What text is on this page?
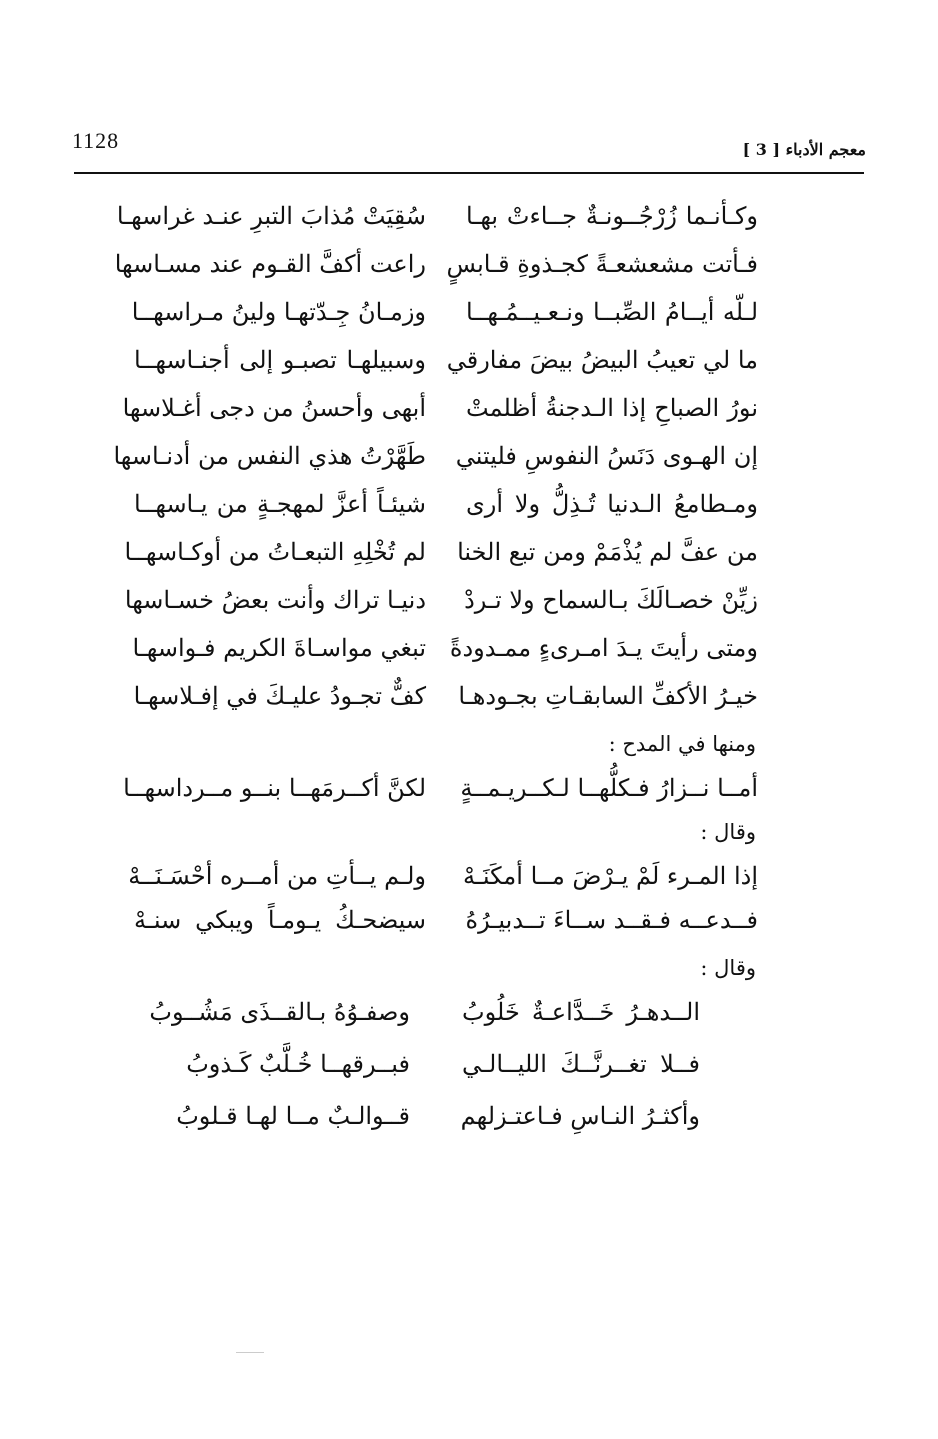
1128	معجم الأدباء [ 3 ]
وكـأنـما زُرْجُــونـةٌ جــاءتْ بهـا
سُقِيَتْ مُذابَ التبرِ عنـد غراسهـا
فـأتت مشعشعـةً كجـذوةِ قـابسٍ
راعت أكفَّ القـوم عند مسـاسها
لـلّه أيــامُ الصِّبــا ونـعـيــمُـهــا
وزمـانُ جِـدّتهـا ولينُ مـراسهــا
ما لي تعيبُ البيضُ بيضَ مفارقي
وسبيلهـا تصبـو إلى أجنـاسهــا
نورُ الصباحِ إذا الـدجنةُ أظلمتْ
أبهى وأحسنُ من دجى أغـلاسها
إن الهـوى دَنَسُ النفوسِ فليتني
طَهَّرْتُ هذي النفس من أدنـاسها
ومـطامعُ الـدنيا تُـذِلُّ ولا أرى
شيئـاً أعزَّ لمهجـةٍ من يـاسهــا
من عفَّ لم يُذْمَمْ ومن تبع الخنا
لم تُخْلِهِ التبعـاتُ من أوكـاسهــا
زيِّنْ خصـالَكَ بـالسماح ولا تـردْ
دنيـا تراك وأنت بعضُ خسـاسها
ومتى رأيتَ يـدَ امـرىءٍ ممـدودةً
تبغي مواسـاةَ الكريم فـواسهـا
خيـرُ الأكفِّ السابقـاتِ بجـودهـا
كفٌّ تجـودُ عليـكَ في إفـلاسهـا
ومنها في المدح :
أمــا نــزارُ فـكلُّهــا لـكــريـمــةٍ
لكنَّ أكــرمَهــا بنــو مــرداسهــا
وقال :
إذا المـرء لَمْ يـرْضَ مــا أمكَنَـهْ
ولـم يــأتِ من أمــره أحْسَـنَــهْ
فــدعــه فـقــد ســاءَ تــدبيـرُهُ
سيضحـكُ يـومـاً ويبكي سنـهْ
وقال :
الــدهـرُ خَــدَّاعـةٌ خَلُوبُ
وصفـوُهُ بـالقــذَى مَشُــوبُ
فــلا تغــرنَّــكَ الليــالـي
فبــرقهــا خُـلَّبٌ كَـذوبُ
وأكثـرُ النـاسِ فـاعتـزلهم
قــوالـبٌ مــا لهـا قـلوبُ
